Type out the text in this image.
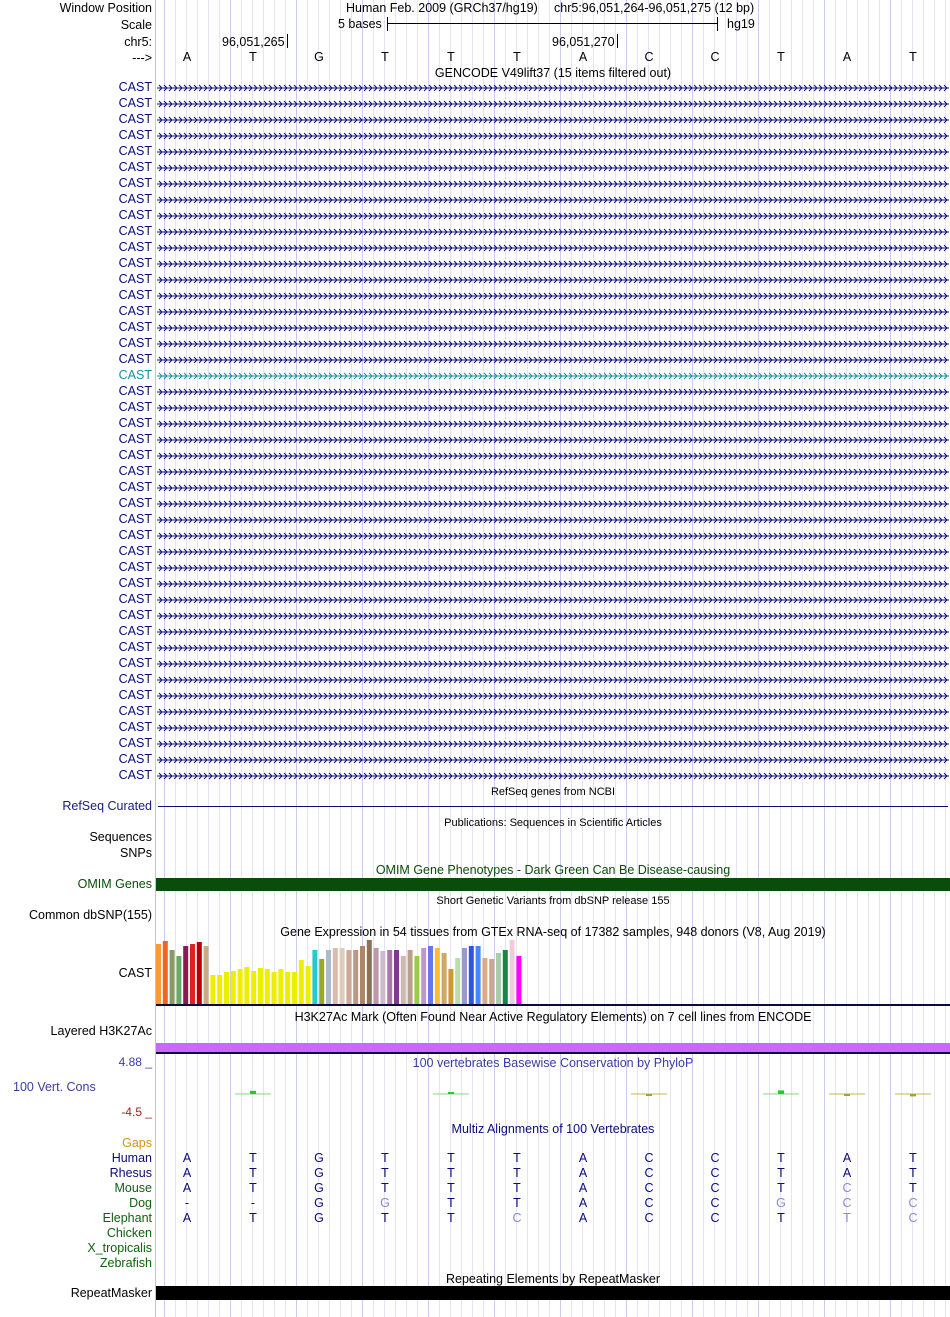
Window Position	Human Feb. 2009 (GRCh37/hg19) chr5:96,051,264-96,051,275 (12 bp)
Scale	5 bases	hg19
chr5:	96,051,265	96,051,270
---> A	T	G	T	T	T	A	C	C	T	A	T
GENCODE V49lift37 (15 items filtered out)
CAST
CAST
CAST
CAST
CAST
CAST
CAST
CAST
CAST
CAST
CAST
CAST
CAST
CAST
CAST
CAST
CAST
CAST
CAST
CAST
CAST
CAST
CAST
CAST
CAST
CAST
CAST
CAST
CAST
CAST
CAST
CAST
CAST
CAST
CAST
CAST
CAST
CAST
CAST
CAST
CAST
CAST
CAST
CAST
RefSeq genes from NCBI
RefSeq Curated
Publications: Sequences in Scientific Articles
Sequences
SNPs
OMIM Gene Phenotypes - Dark Green Can Be Disease-causing
OMIM Genes
Short Genetic Variants from dbSNP release 155
Common dbSNP(155)
Gene Expression in 54 tissues from GTEx RNA-seq of 17382 samples, 948 donors (V8, Aug 2019)
CAST
H3K27Ac Mark (Often Found Near Active Regulatory Elements) on 7 cell lines from ENCODE
Layered H3K27Ac
100 vertebrates Basewise Conservation by PhyloP
4.88 _
100 Vert. Cons
-4.5 _
Multiz Alignments of 100 Vertebrates
Gaps
Human A	T	G	T	T	T	A	C	C	T	A	T
Rhesus A	T	G	T	T	T	A	C	C	T	A	T
Mouse A	T	G	T	T	T	A	C	C	T	C	T
Dog	-	-	G	G	T	T	A	C	C	G	C	C
Elephant A	T	G	T	T	C	A	C	C	T	T	C
Chicken
X_tropicalis
Zebrafish
Repeating Elements by RepeatMasker
RepeatMasker
